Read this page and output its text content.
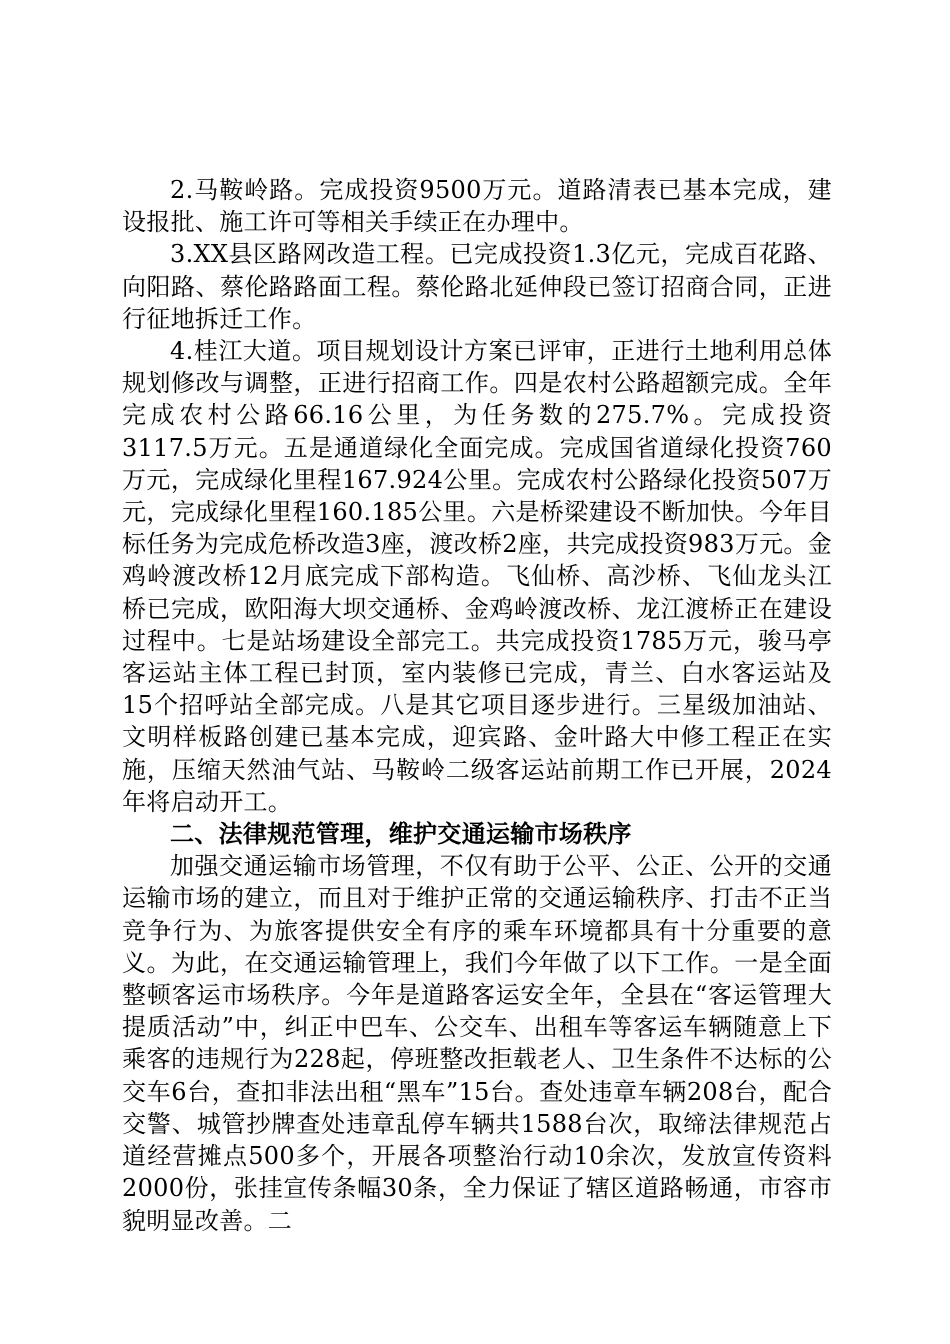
2.马鞍岭路。完成投资9500万元。道路清表已基本完成，建设报批、施工许可等相关手续正在办理中。

3.XX县区路网改造工程。已完成投资1.3亿元，完成百花路、向阳路、蔡伦路路面工程。蔡伦路北延伸段已签订招商合同，正进行征地拆迁工作。

4.桂江大道。项目规划设计方案已评审，正进行土地利用总体规划修改与调整，正进行招商工作。四是农村公路超额完成。全年完成农村公路66.16公里，为任务数的275.7%。完成投资3117.5万元。五是通道绿化全面完成。完成国省道绿化投资760万元，完成绿化里程167.924公里。完成农村公路绿化投资507万元，完成绿化里程160.185公里。六是桥梁建设不断加快。今年目标任务为完成危桥改造3座，渡改桥2座，共完成投资983万元。金鸡岭渡改桥12月底完成下部构造。飞仙桥、高沙桥、飞仙龙头江桥已完成，欧阳海大坝交通桥、金鸡岭渡改桥、龙江渡桥正在建设过程中。七是站场建设全部完工。共完成投资1785万元，骏马亭客运站主体工程已封顶，室内装修已完成，青兰、白水客运站及15个招呼站全部完成。八是其它项目逐步进行。三星级加油站、文明样板路创建已基本完成，迎宾路、金叶路大中修工程正在实施，压缩天然油气站、马鞍岭二级客运站前期工作已开展，2024年将启动开工。

二、法律规范管理，维护交通运输市场秩序

加强交通运输市场管理，不仅有助于公平、公正、公开的交通运输市场的建立，而且对于维护正常的交通运输秩序、打击不正当竞争行为、为旅客提供安全有序的乘车环境都具有十分重要的意义。为此，在交通运输管理上，我们今年做了以下工作。一是全面整顿客运市场秩序。今年是道路客运安全年，全县在“客运管理大提质活动”中，纠正中巴车、公交车、出租车等客运车辆随意上下乘客的违规行为228起，停班整改拒载老人、卫生条件不达标的公交车6台，查扣非法出租“黑车”15台。查处违章车辆208台，配合交警、城管抄牌查处违章乱停车辆共1588台次，取缔法律规范占道经营摊点500多个，开展各项整治行动10余次，发放宣传资料2000份，张挂宣传条幅30条，全力保证了辖区道路畅通，市容市貌明显改善。二
